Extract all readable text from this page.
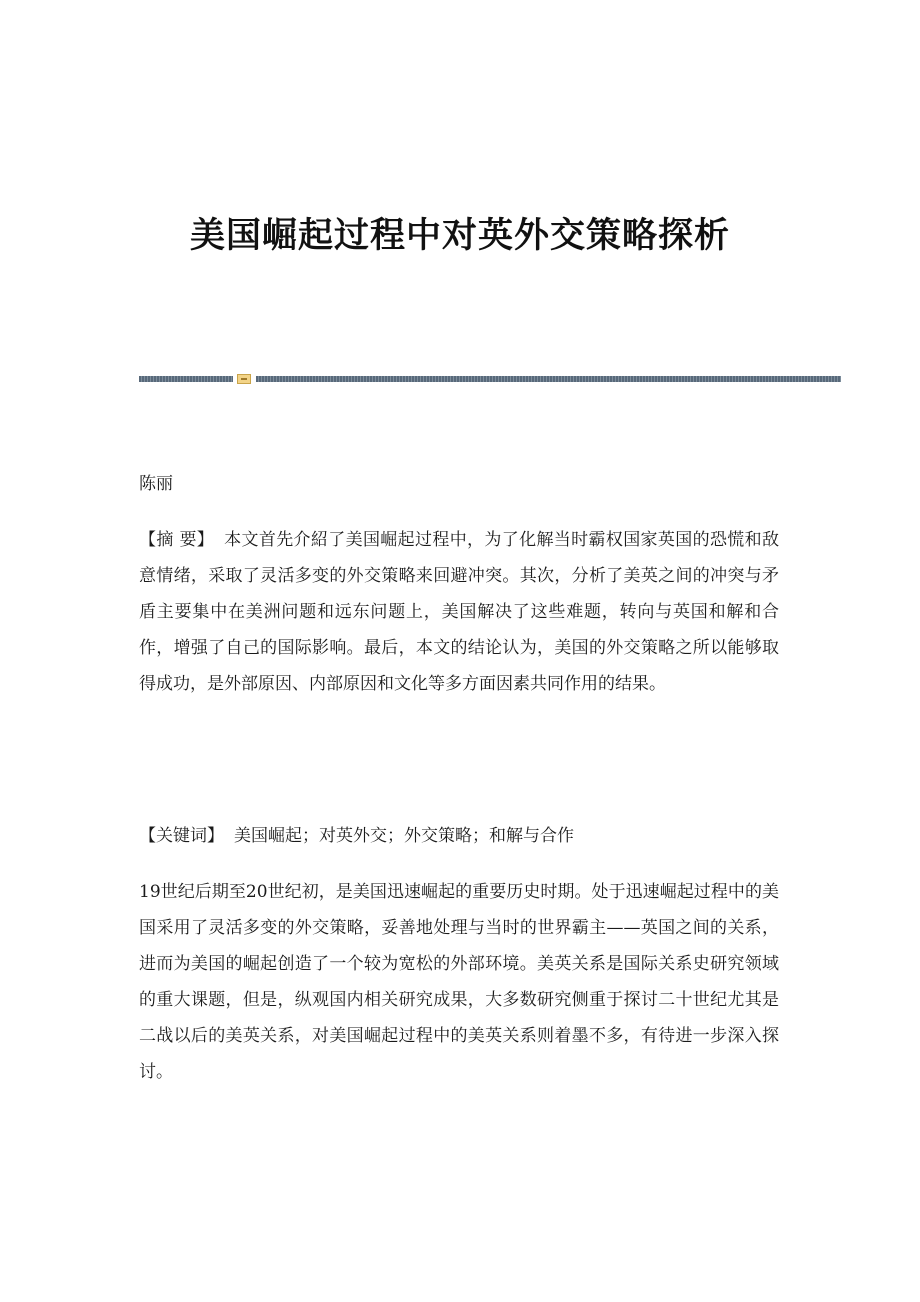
美国崛起过程中对英外交策略探析

陈丽

【摘 要】 本文首先介紹了美国崛起过程中，为了化解当时霸权国家英国的恐慌和敌意情绪，采取了灵活多变的外交策略来回避冲突。其次，分析了美英之间的冲突与矛盾主要集中在美洲问题和远东问题上，美国解决了这些难题，转向与英国和解和合作，增强了自己的国际影响。最后，本文的结论认为，美国的外交策略之所以能够取得成功，是外部原因、内部原因和文化等多方面因素共同作用的结果。

【关键词】 美国崛起；对英外交；外交策略；和解与合作

19世纪后期至20世纪初，是美国迅速崛起的重要历史时期。处于迅速崛起过程中的美国采用了灵活多变的外交策略，妥善地处理与当时的世界霸主——英国之间的关系，进而为美国的崛起创造了一个较为宽松的外部环境。美英关系是国际关系史研究领域的重大课题，但是，纵观国内相关研究成果，大多数研究侧重于探讨二十世纪尤其是二战以后的美英关系，对美国崛起过程中的美英关系则着墨不多，有待进一步深入探讨。
